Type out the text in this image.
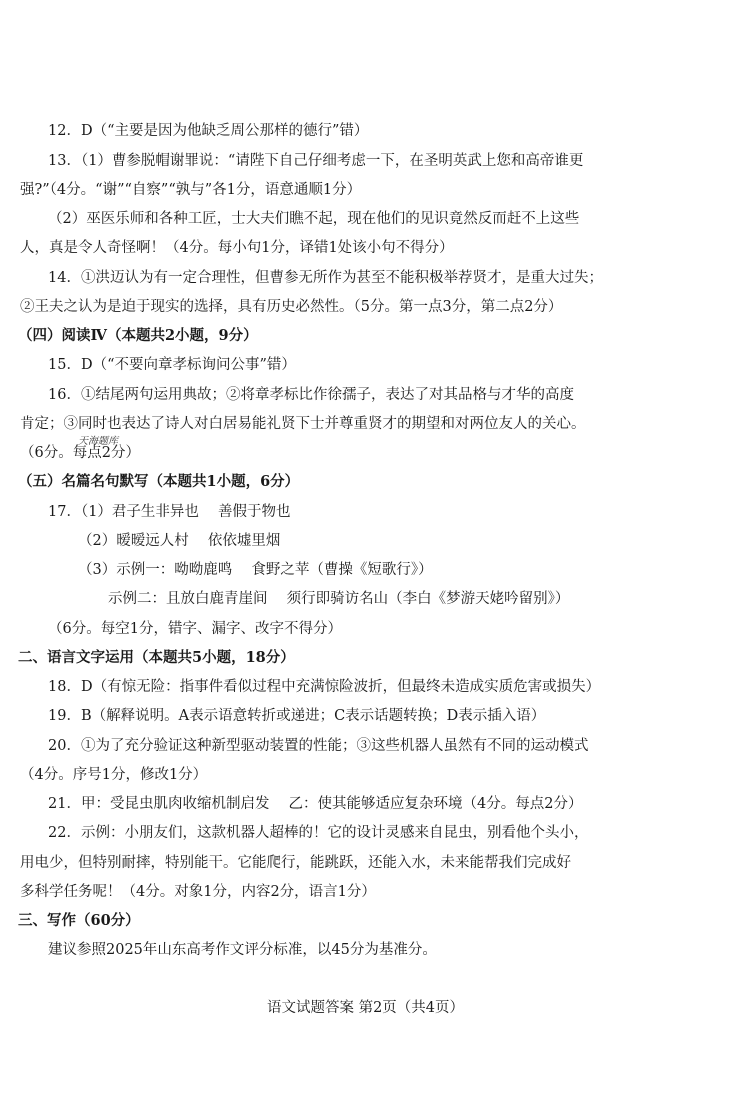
12．D（“主要是因为他缺乏周公那样的德行”错）
13．（1）曹参脱帽谢罪说：“请陛下自己仔细考虑一下，在圣明英武上您和高帝谁更
强?”（4分。“谢”“自察”“孰与”各1分，语意通顺1分）
（2）巫医乐师和各种工匠，士大夫们瞧不起，现在他们的见识竟然反而赶不上这些
人，真是令人奇怪啊！（4分。每小句1分，译错1处该小句不得分）
14．①洪迈认为有一定合理性，但曹参无所作为甚至不能积极举荐贤才，是重大过失；
②王夫之认为是迫于现实的选择，具有历史必然性。（5分。第一点3分，第二点2分）
（四）阅读Ⅳ（本题共2小题，9分）
15．D（“不要向章孝标询问公事”错）
16．①结尾两句运用典故；②将章孝标比作徐孺子，表达了对其品格与才华的高度
肯定；③同时也表达了诗人对白居易能礼贤下士并尊重贤才的期望和对两位友人的关心。
天海题库
（6分。每点2分）
（五）名篇名句默写（本题共1小题，6分）
17．（1）君子生非异也　 善假于物也
（2）暧暧远人村　 依依墟里烟
（3）示例一：呦呦鹿鸣　 食野之苹（曹操《短歌行》）
示例二：且放白鹿青崖间　 须行即骑访名山（李白《梦游天姥吟留别》）
（6分。每空1分，错字、漏字、改字不得分）
二、语言文字运用（本题共5小题，18分）
18．D（有惊无险：指事件看似过程中充满惊险波折，但最终未造成实质危害或损失）
19．B（解释说明。A表示语意转折或递进；C表示话题转换；D表示插入语）
20．①为了充分验证这种新型驱动装置的性能；③这些机器人虽然有不同的运动模式
（4分。序号1分，修改1分）
21．甲：受昆虫肌肉收缩机制启发　 乙：使其能够适应复杂环境（4分。每点2分）
22．示例：小朋友们，这款机器人超棒的！它的设计灵感来自昆虫，别看他个头小，
用电少，但特别耐摔，特别能干。它能爬行，能跳跃，还能入水，未来能帮我们完成好
多科学任务呢！（4分。对象1分，内容2分，语言1分）
三、写作（60分）
建议参照2025年山东高考作文评分标准，以45分为基准分。
语文试题答案 第2页（共4页）
